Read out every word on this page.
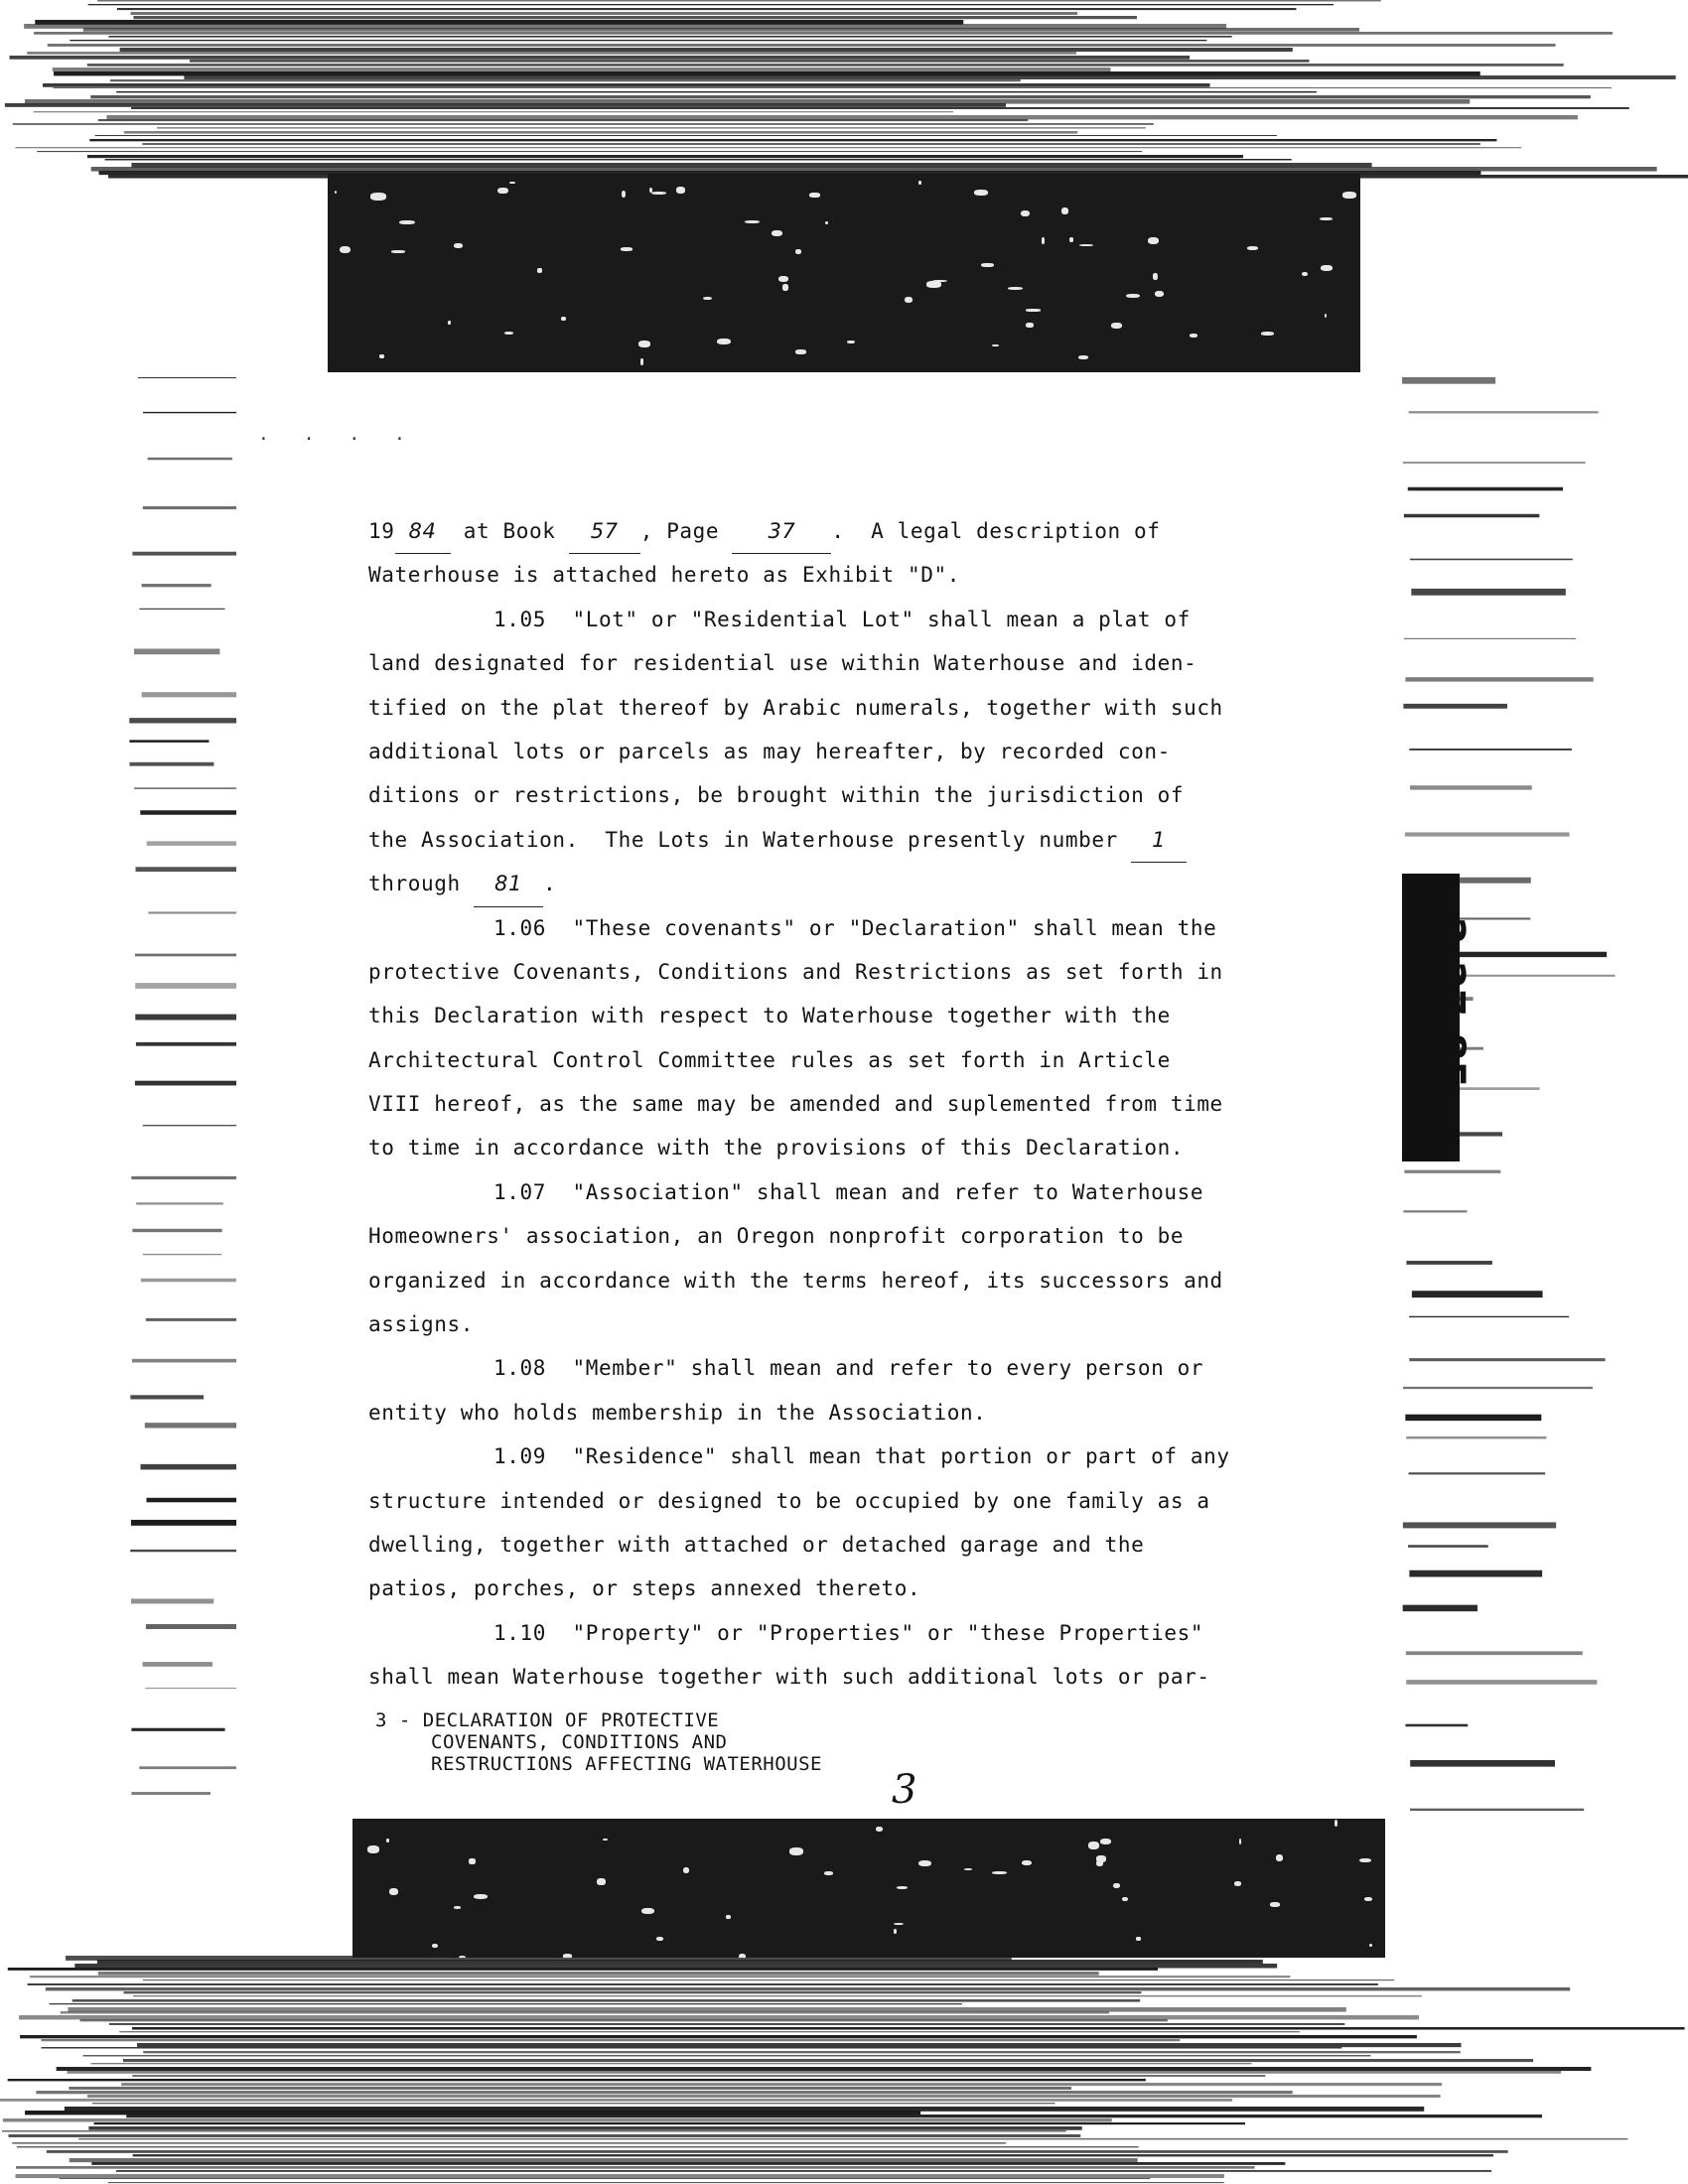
. . . .
19 84 at Book 57 , Page 37 .  A legal description of
Waterhouse is attached hereto as Exhibit "D".
1.05  "Lot" or "Residential Lot" shall mean a plat of
land designated for residential use within Waterhouse and iden-
tified on the plat thereof by Arabic numerals, together with such
additional lots or parcels as may hereafter, by recorded con-
ditions or restrictions, be brought within the jurisdiction of
the Association.  The Lots in Waterhouse presently number 1
through 81 .
1.06  "These covenants" or "Declaration" shall mean the
protective Covenants, Conditions and Restrictions as set forth in
this Declaration with respect to Waterhouse together with the
Architectural Control Committee rules as set forth in Article
VIII hereof, as the same may be amended and suplemented from time
to time in accordance with the provisions of this Declaration.
1.07  "Association" shall mean and refer to Waterhouse
Homeowners' association, an Oregon nonprofit corporation to be
organized in accordance with the terms hereof, its successors and
assigns.
1.08  "Member" shall mean and refer to every person or
entity who holds membership in the Association.
1.09  "Residence" shall mean that portion or part of any
structure intended or designed to be occupied by one family as a
dwelling, together with attached or detached garage and the
patios, porches, or steps annexed thereto.
1.10  "Property" or "Properties" or "these Properties"
shall mean Waterhouse together with such additional lots or par-
3 - DECLARATION OF PROTECTIVE
COVENANTS, CONDITIONS AND
RESTRUCTIONS AFFECTING WATERHOUSE
3
2-27-85
